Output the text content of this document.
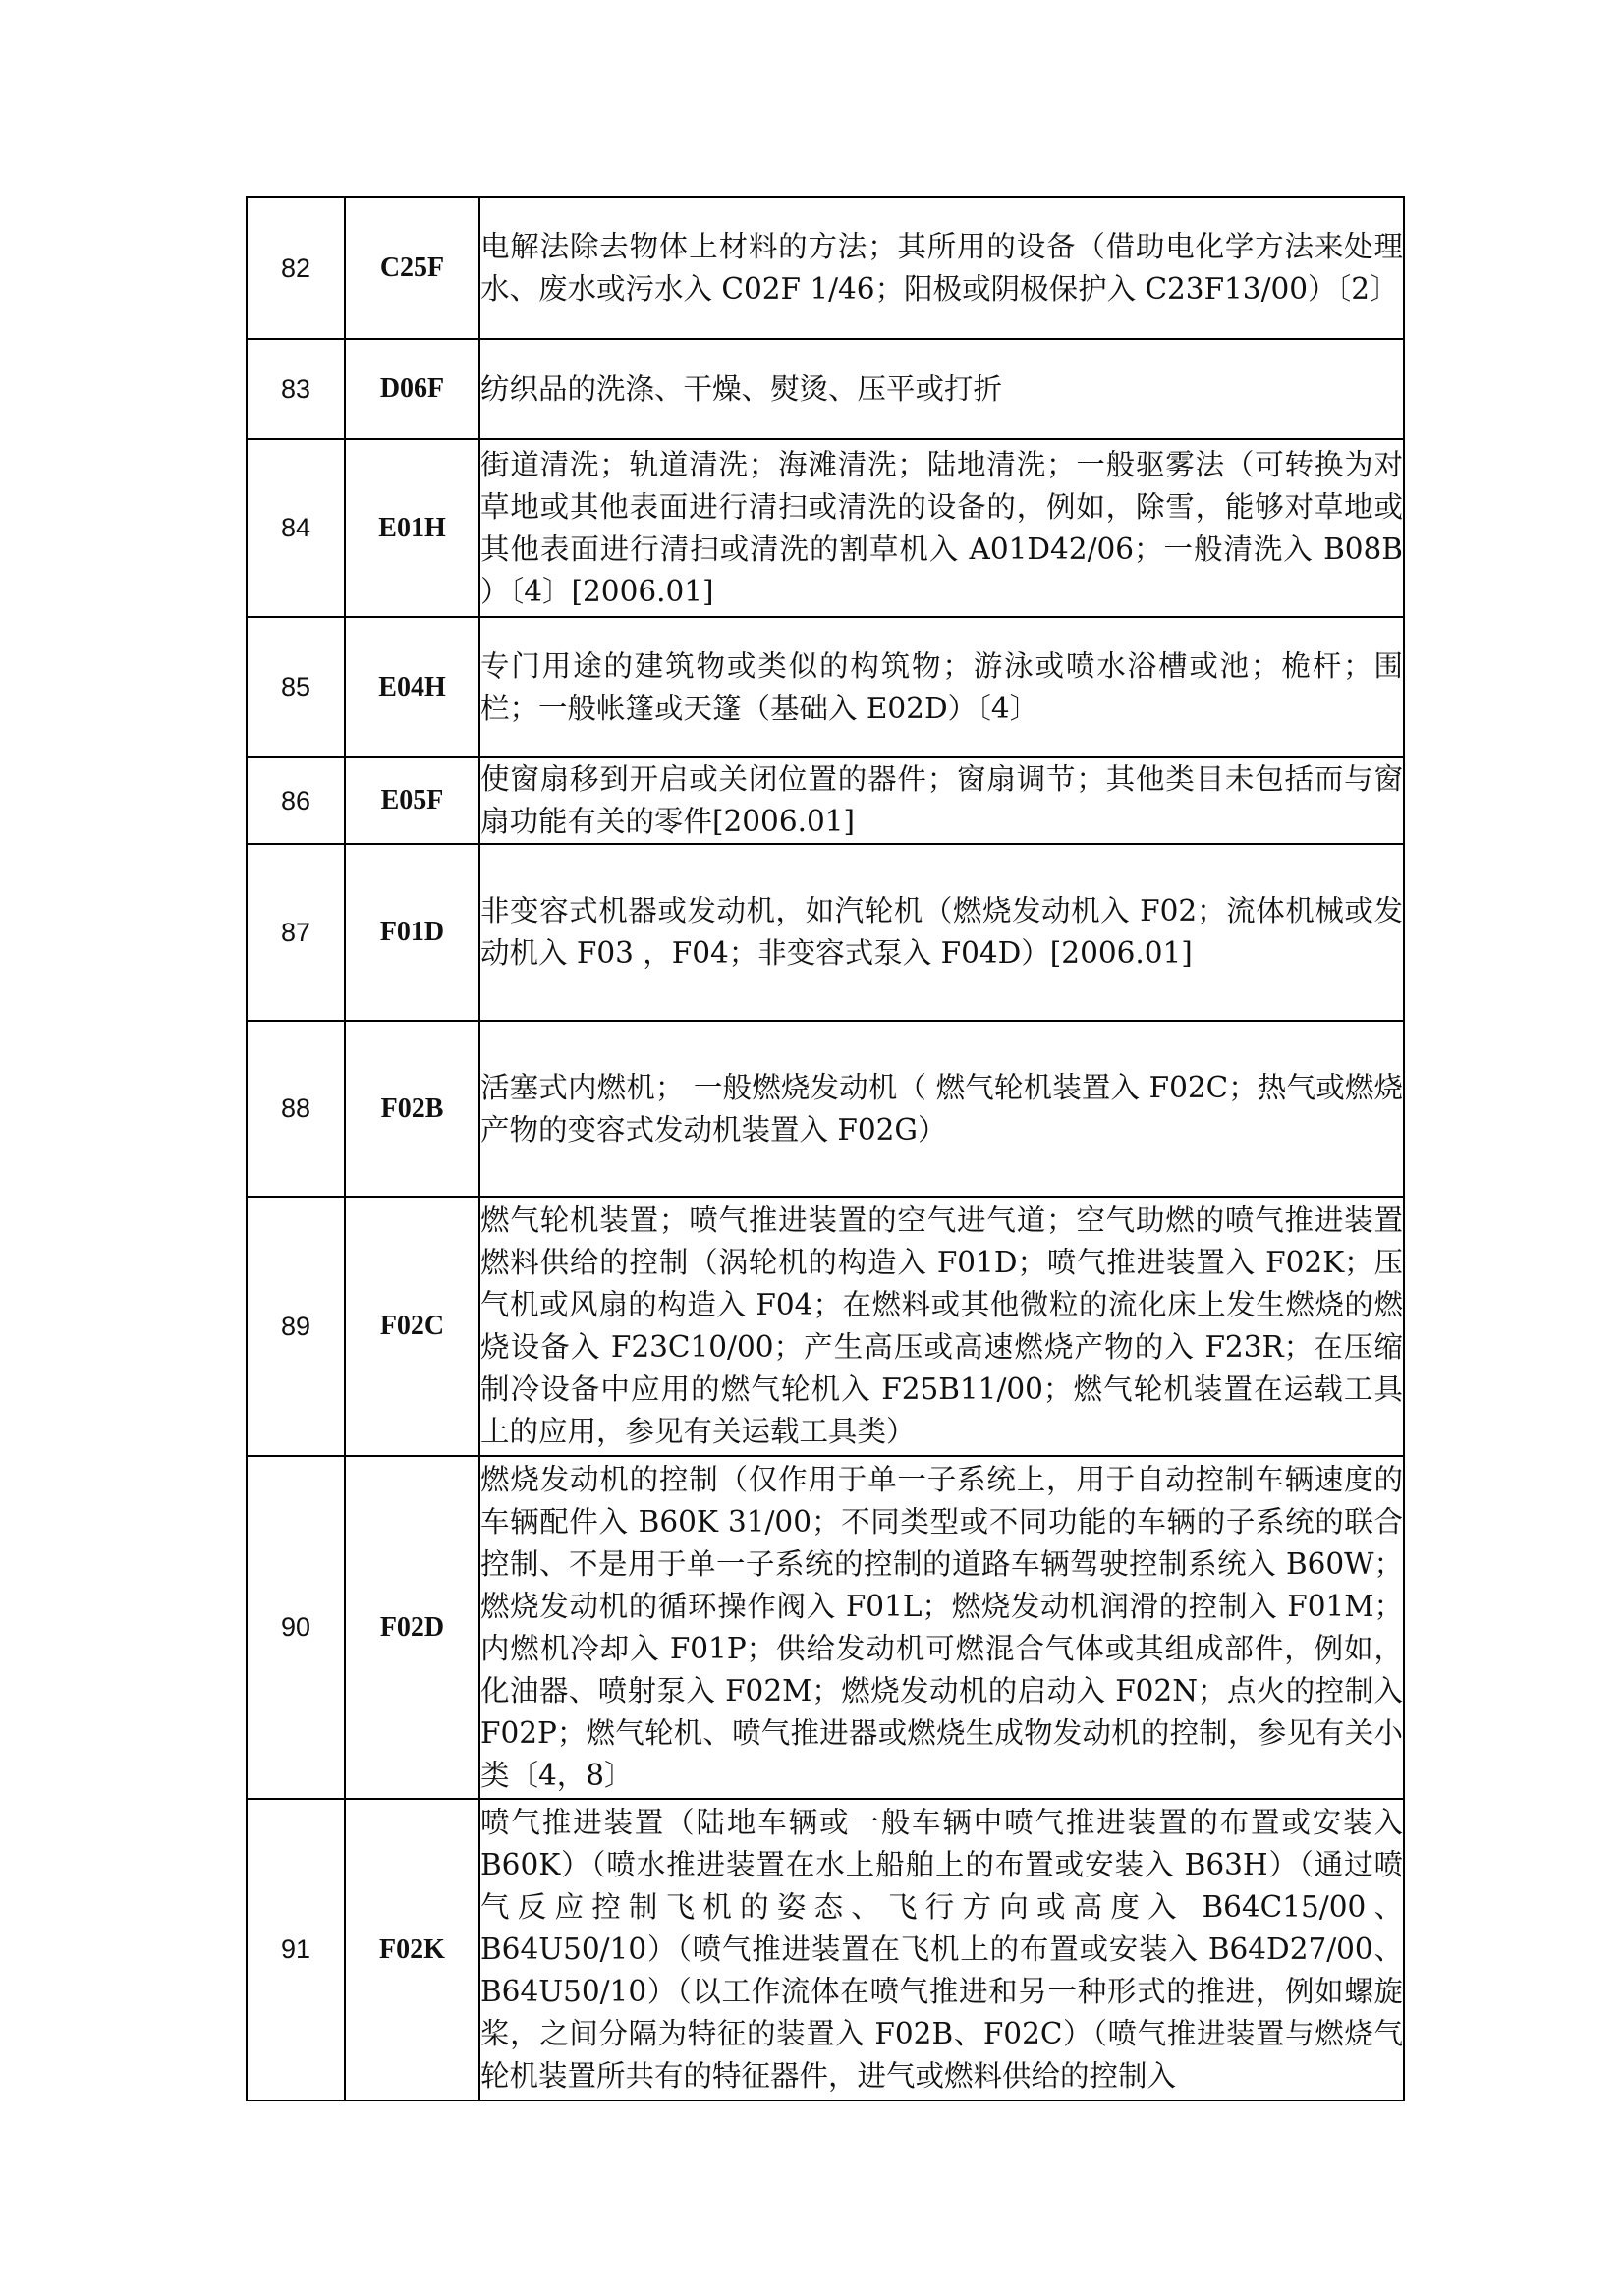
82	C25F	电解法除去物体上材料的方法；其所用的设备（借助电化学方法来处理水、废水或污水入 C02F 1/46；阳极或阴极保护入 C23F13/00）〔2〕
83	D06F	纺织品的洗涤、干燥、熨烫、压平或打折
84	E01H	街道清洗；轨道清洗；海滩清洗；陆地清洗；一般驱雾法（可转换为对草地或其他表面进行清扫或清洗的设备的，例如，除雪，能够对草地或其他表面进行清扫或清洗的割草机入 A01D42/06；一般清洗入 B08B ）〔4〕[2006.01]
85	E04H	专门用途的建筑物或类似的构筑物；游泳或喷水浴槽或池；桅杆；围栏；一般帐篷或天篷（基础入 E02D）〔4〕
86	E05F	使窗扇移到开启或关闭位置的器件；窗扇调节；其他类目未包括而与窗扇功能有关的零件[2006.01]
87	F01D	非变容式机器或发动机，如汽轮机（燃烧发动机入 F02；流体机械或发动机入 F03 ，F04；非变容式泵入 F04D）[2006.01]
88	F02B	活塞式内燃机； 一般燃烧发动机（ 燃气轮机装置入 F02C；热气或燃烧产物的变容式发动机装置入 F02G）
89	F02C	燃气轮机装置；喷气推进装置的空气进气道；空气助燃的喷气推进装置燃料供给的控制（涡轮机的构造入 F01D；喷气推进装置入 F02K；压气机或风扇的构造入 F04；在燃料或其他微粒的流化床上发生燃烧的燃烧设备入 F23C10/00；产生高压或高速燃烧产物的入 F23R；在压缩制冷设备中应用的燃气轮机入 F25B11/00；燃气轮机装置在运载工具上的应用，参见有关运载工具类）
90	F02D	燃烧发动机的控制（仅作用于单一子系统上，用于自动控制车辆速度的车辆配件入 B60K 31/00；不同类型或不同功能的车辆的子系统的联合控制、不是用于单一子系统的控制的道路车辆驾驶控制系统入 B60W；燃烧发动机的循环操作阀入 F01L；燃烧发动机润滑的控制入 F01M；内燃机冷却入 F01P；供给发动机可燃混合气体或其组成部件，例如，化油器、喷射泵入 F02M；燃烧发动机的启动入 F02N；点火的控制入 F02P；燃气轮机、喷气推进器或燃烧生成物发动机的控制，参见有关小类〔4，8〕
91	F02K	喷气推进装置（陆地车辆或一般车辆中喷气推进装置的布置或安装入 B60K）（喷水推进装置在水上船舶上的布置或安装入 B63H）（通过喷气反应控制飞机的姿态、飞行方向或高度入 B64C15/00、B64U50/10）（喷气推进装置在飞机上的布置或安装入 B64D27/00、B64U50/10）（以工作流体在喷气推进和另一种形式的推进，例如螺旋桨，之间分隔为特征的装置入 F02B、F02C）（喷气推进装置与燃烧气轮机装置所共有的特征器件，进气或燃料供给的控制入
